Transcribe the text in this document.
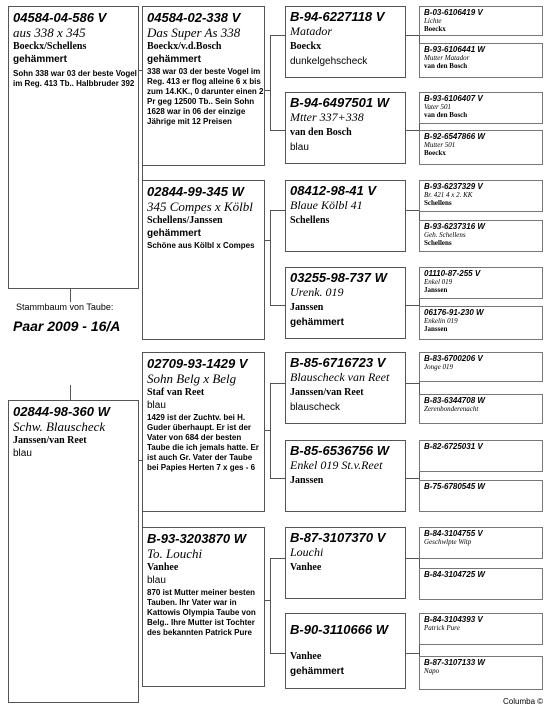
04584-04-586 V
aus 338 x 345
Boeckx/Schellens
gehämmert
Sohn 338 war 03 der beste Vogel im Reg. 413 Tb.. Halbbruder 392
Stammbaum von Taube:
Paar 2009 - 16/A
02844-98-360 W
Schw. Blauscheck
Janssen/van Reet
blau
04584-02-338 V
Das Super As 338
Boeckx/v.d.Bosch
gehämmert
338 war 03 der beste Vogel im Reg. 413 er flog alleine 6 x bis zum 14.KK., 0 darunter einen 2 Pr geg 12500 Tb.. Sein Sohn 1628 war in 06 der einzige Jährige mit 12 Preisen
02844-99-345 W
345 Compes x Kölbl
Schellens/Janssen
gehämmert
Schöne aus Kölbl x Compes
02709-93-1429 V
Sohn Belg x Belg
Staf van Reet
blau
1429 ist der Zuchtv. bei H. Guder überhaupt. Er ist der Vater von 684 der besten Taube die ich jemals hatte. Er ist auch Gr. Vater der Taube bei Papies Herten 7 x ges - 6
B-93-3203870 W
To. Louchi
Vanhee
blau
870 ist Mutter meiner besten Tauben. Ihr Vater war in Kattowis Olympia Taube von Belg.. Ihre Mutter ist Tochter des bekannten Patrick Pure
B-94-6227118 V
Matador
Boeckx
dunkelgehscheck
B-94-6497501 W
Mtter 337+338
van den Bosch
blau
08412-98-41 V
Blaue Kölbl 41
Schellens
03255-98-737 W
Urenk. 019
Janssen
gehämmert
B-85-6716723 V
Blauscheck van Reet
Janssen/van Reet
blauscheck
B-85-6536756 W
Enkel 019 St.v.Reet
Janssen
B-87-3107370 V
Louchi
Vanhee
B-90-3110666 W
Vanhee
gehämmert
B-03-6106419 V
Lichte
Boeckx
B-93-6106441 W
Mutter Matador
van den Bosch
B-93-6106407 V
Vater 501
van den Bosch
B-92-6547866 W
Mutter 501
Boeckx
B-93-6237329 V
Br. 421 4 x 2. KK
Schellens
B-93-6237316 W
Geb. Schellens
Schellens
01110-87-255 V
Enkel 019
Janssen
06176-91-230 W
Enkelin 019
Janssen
B-83-6700206 V
Jonge 019
B-83-6344708 W
Zerenbonderenacht
B-82-6725031 V
B-75-6780545 W
B-84-3104755 V
Geschwlpte Witp
B-84-3104725 W
B-84-3104393 V
Patrick Pure
B-87-3107133 W
Napo
Columba ©
